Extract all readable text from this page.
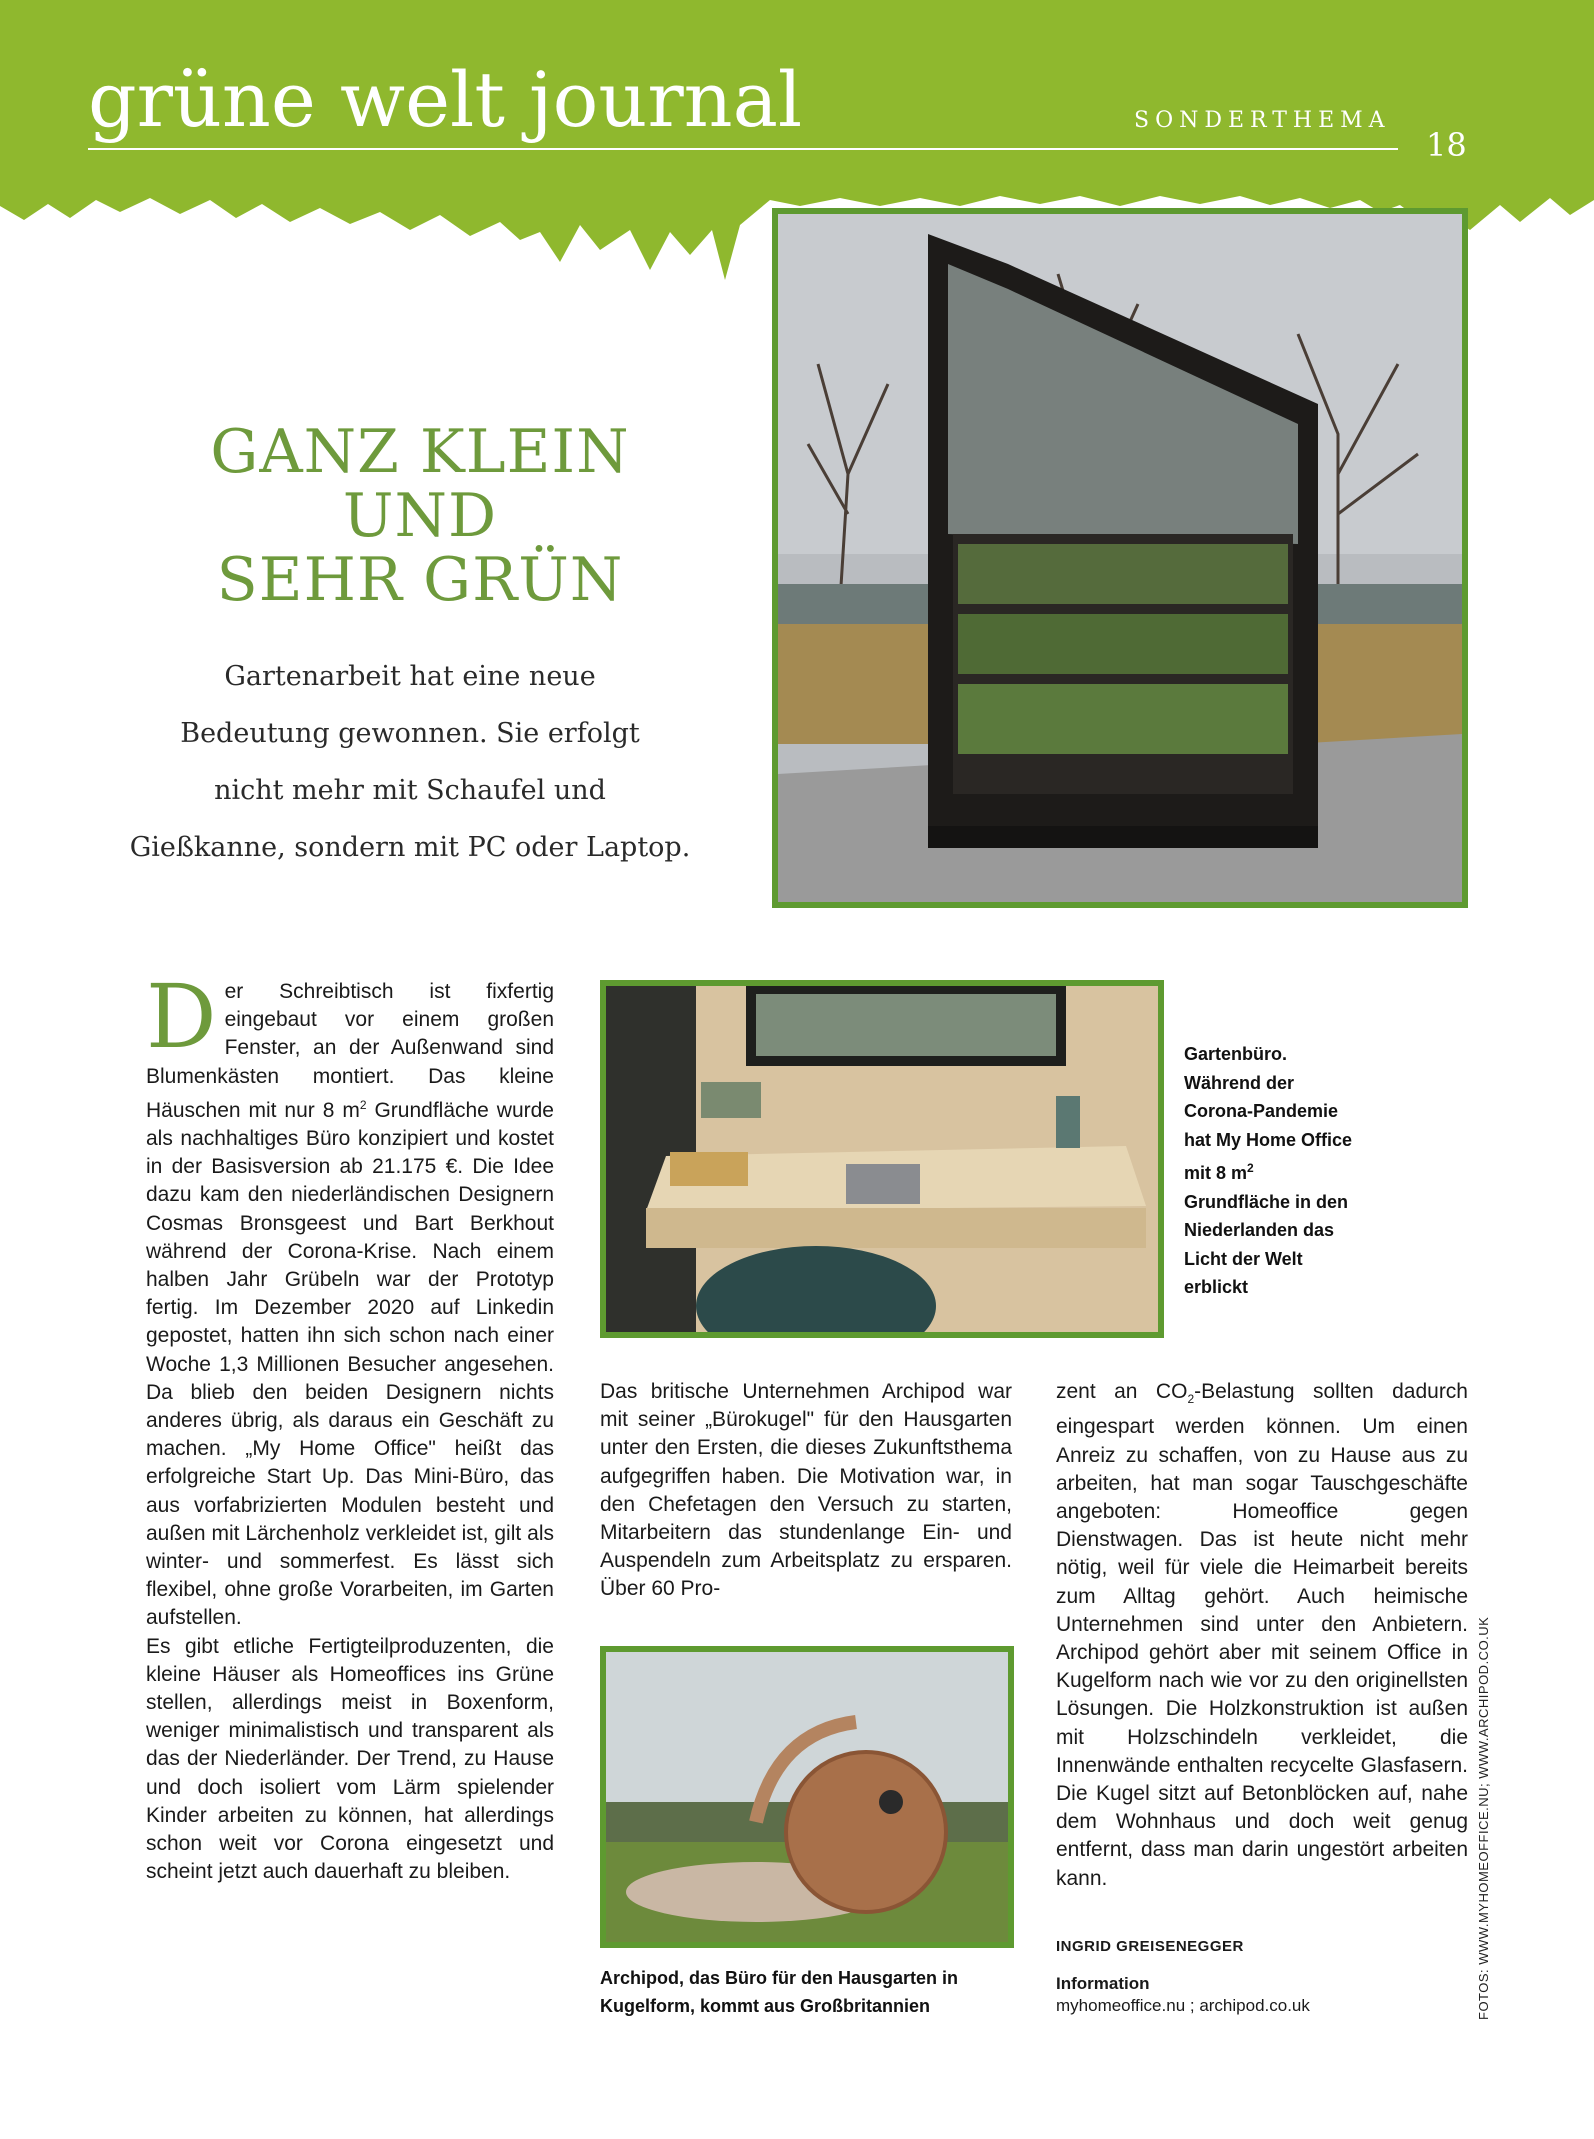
grüne welt journal	SONDERTHEMA
18
GANZ KLEIN
UND
SEHR GRÜN
Gartenarbeit hat eine neue
Bedeutung gewonnen. Sie erfolgt
nicht mehr mit Schaufel und
Gießkanne, sondern mit PC oder Laptop.

Der Schreibtisch ist fixfertig eingebaut vor einem großen Fenster, an der Außenwand sind Blumenkästen montiert. Das kleine Häuschen mit nur 8 $m^2$ Grundfläche wurde als nachhaltiges Büro konzipiert und kostet in der Basisversion ab 21.175 €. Die Idee dazu kam den niederländischen Designern Cosmas Bronsgeest und Bart Berkhout während der Corona-Krise. Nach einem halben Jahr Grübeln war der Prototyp fertig. Im Dezember 2020 auf Linkedin gepostet, hatten ihn sich schon nach einer Woche 1,3 Millionen Besucher angesehen. Da blieb den beiden Designern nichts anderes übrig, als daraus ein Geschäft zu machen. „My Home Office" heißt das erfolgreiche Start Up. Das Mini-Büro, das aus vorfabrizierten Modulen besteht und außen mit Lärchenholz verkleidet ist, gilt als winter- und sommerfest. Es lässt sich flexibel, ohne große Vorarbeiten, im Garten aufstellen.

Es gibt etliche Fertigteilproduzenten, die kleine Häuser als Homeoffices ins Grüne stellen, allerdings meist in Boxenform, weniger minimalistisch und transparent als das der Niederländer. Der Trend, zu Hause und doch isoliert vom Lärm spielender Kinder arbeiten zu können, hat allerdings schon weit vor Corona eingesetzt und scheint jetzt auch dauerhaft zu bleiben.

Gartenbüro. Während der Corona-Pandemie hat My Home Office mit 8 $m^2$ Grundfläche in den Niederlanden das Licht der Welt erblickt

Das britische Unternehmen Archipod war mit seiner „Bürokugel" für den Hausgarten unter den Ersten, die dieses Zukunftsthema aufgegriffen haben. Die Motivation war, in den Chefetagen den Versuch zu starten, Mitarbeitern das stundenlange Ein- und Auspendeln zum Arbeitsplatz zu ersparen. Über 60 Pro-

Archipod, das Büro für den Hausgarten in Kugelform, kommt aus Großbritannien

zent an $CO_2$-Belastung sollten dadurch eingespart werden können. Um einen Anreiz zu schaffen, von zu Hause aus zu arbeiten, hat man sogar Tauschgeschäfte angeboten: Homeoffice gegen Dienstwagen. Das ist heute nicht mehr nötig, weil für viele die Heimarbeit bereits zum Alltag gehört. Auch heimische Unternehmen sind unter den Anbietern. Archipod gehört aber mit seinem Office in Kugelform nach wie vor zu den originellsten Lösungen. Die Holzkonstruktion ist außen mit Holzschindeln verkleidet, die Innenwände enthalten recycelte Glasfasern. Die Kugel sitzt auf Betonblöcken auf, nahe dem Wohnhaus und doch weit genug entfernt, dass man darin ungestört arbeiten kann.

INGRID GREISENEGGER
Information
myhomeoffice.nu ; archipod.co.uk	FOTOS: WWW.MYHOMEOFFICE.NU; WWW.ARCHIPOD.CO.UK
